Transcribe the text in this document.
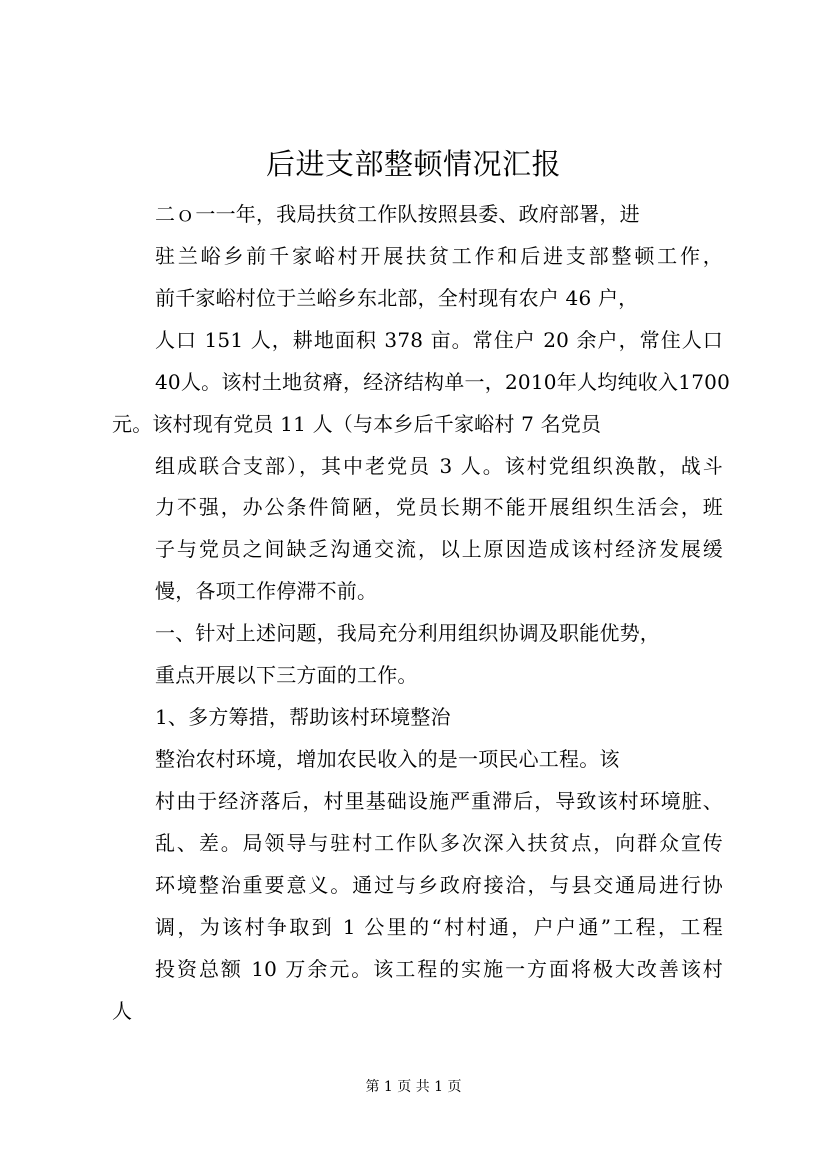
后进支部整顿情况汇报

二ｏ一一年，我局扶贫工作队按照县委、政府部署，进

驻兰峪乡前千家峪村开展扶贫工作和后进支部整顿工作，

前千家峪村位于兰峪乡东北部，全村现有农户 46 户，

人口 151 人，耕地面积 378 亩。常住户 20 余户，常住人口

40人。该村土地贫瘠，经济结构单一，2010年人均纯收入1700

元。该村现有党员 11 人（与本乡后千家峪村 7 名党员

组成联合支部），其中老党员 3 人。该村党组织涣散，战斗

力不强，办公条件简陋，党员长期不能开展组织生活会，班

子与党员之间缺乏沟通交流，以上原因造成该村经济发展缓

慢，各项工作停滞不前。

一、针对上述问题，我局充分利用组织协调及职能优势，

重点开展以下三方面的工作。

1、多方筹措，帮助该村环境整治

整治农村环境，增加农民收入的是一项民心工程。该

村由于经济落后，村里基础设施严重滞后，导致该村环境脏、

乱、差。局领导与驻村工作队多次深入扶贫点，向群众宣传

环境整治重要意义。通过与乡政府接洽，与县交通局进行协

调，为该村争取到 1 公里的“村村通，户户通”工程，工程

投资总额 10 万余元。该工程的实施一方面将极大改善该村

人

第 1 页 共 1 页
